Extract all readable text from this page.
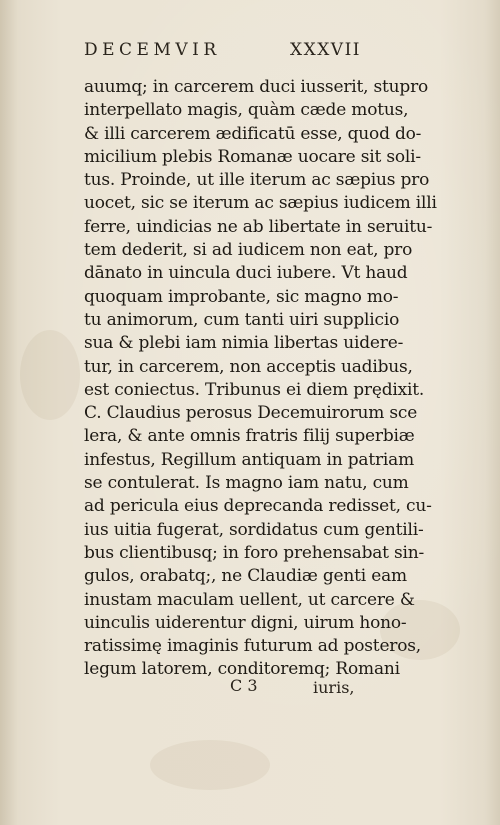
DECEMVIR	XXXVII
auumq; in carcerem duci iusserit, stupro
interpellato magis, quàm cæde motus,
& illi carcerem ædificatū esse, quod do-
micilium plebis Romanæ uocare sit soli-
tus. Proinde, ut ille iterum ac sæpius pro
uocet, sic se iterum ac sæpius iudicem illi
ferre, uindicias ne ab libertate in seruitu-
tem dederit, si ad iudicem non eat, pro
dānato in uincula duci iubere. Vt haud
quoquam improbante, sic magno mo-
tu animorum, cum tanti uiri supplicio
sua & plebi iam nimia libertas uidere-
tur, in carcerem, non acceptis uadibus,
est coniectus. Tribunus ei diem prędixit.
C. Claudius perosus Decemuirorum sce
lera, & ante omnis fratris filij superbiæ
infestus, Regillum antiquam in patriam
se contulerat. Is magno iam natu, cum
ad pericula eius deprecanda redisset, cu-
ius uitia fugerat, sordidatus cum gentili-
bus clientibusq; in foro prehensabat sin-
gulos, orabatq;, ne Claudiæ genti eam
inustam maculam uellent, ut carcere &
uinculis uiderentur digni, uirum hono-
ratissimę imaginis futurum ad posteros,
legum latorem, conditoremq; Romani
C 3	iuris,
